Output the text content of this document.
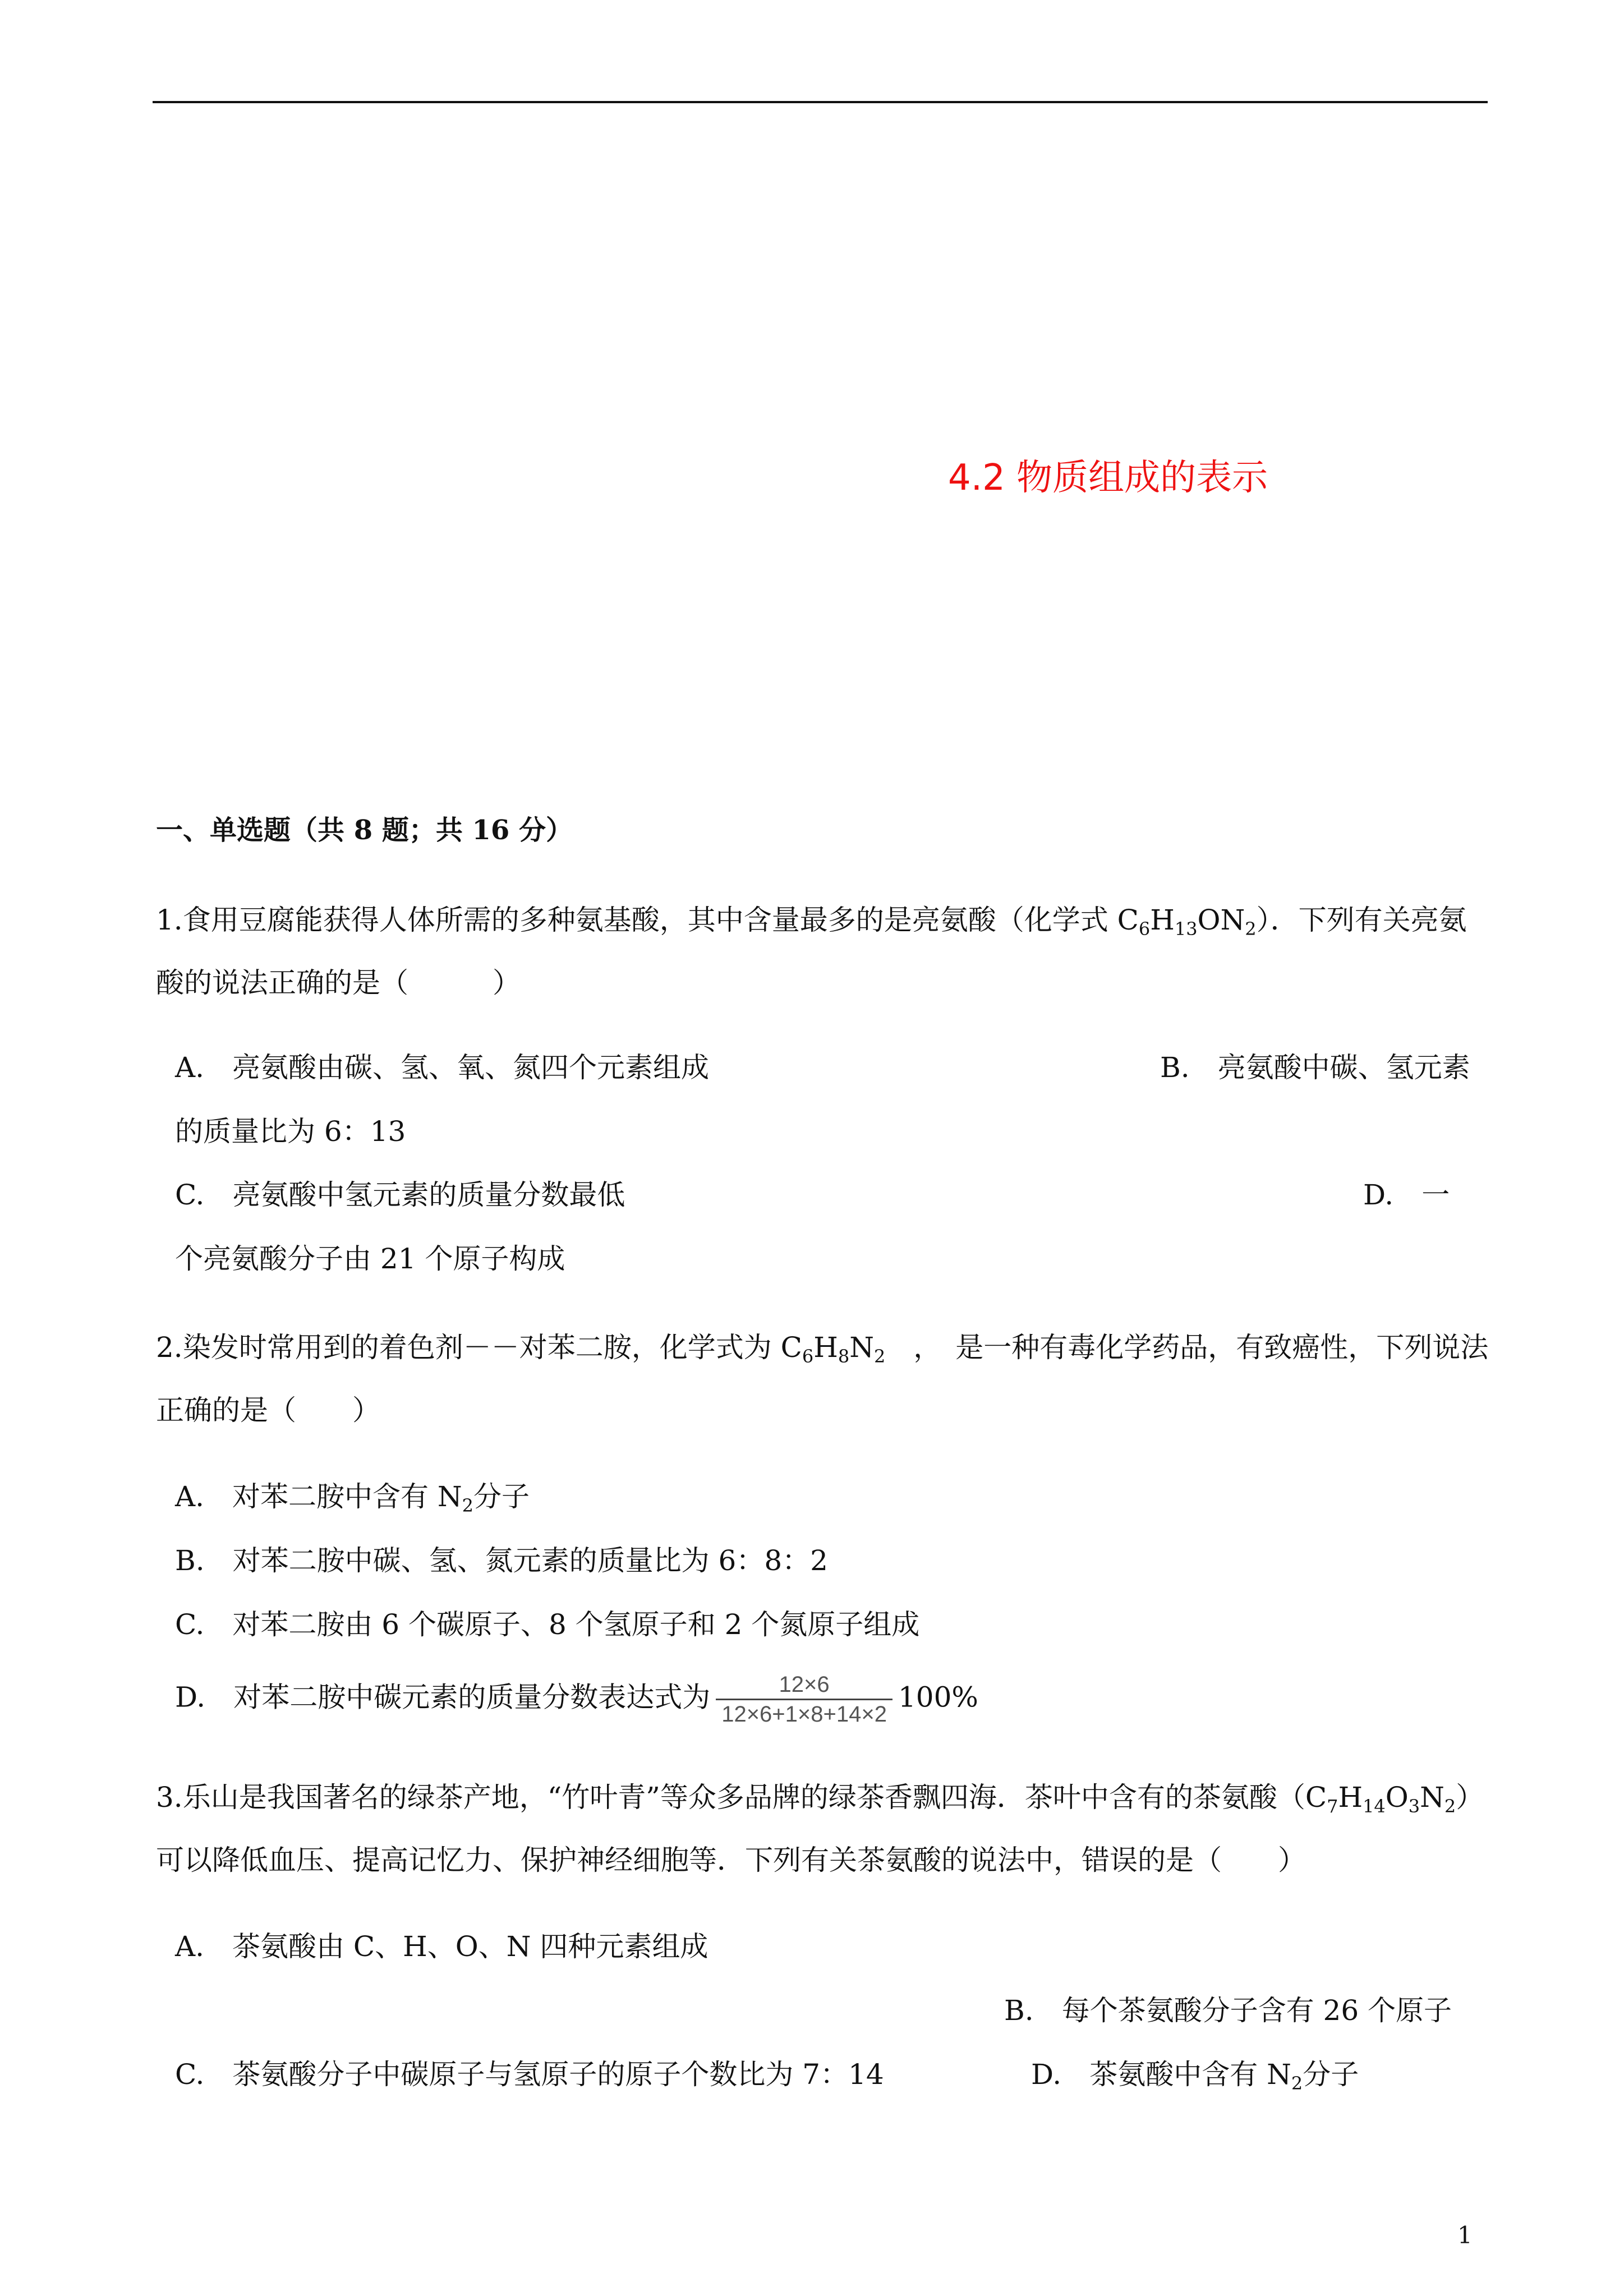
4.2 物质组成的表示
一、单选题（共 8 题；共 16 分）
1.食用豆腐能获得人体所需的多种氨基酸，其中含量最多的是亮氨酸（化学式 $C_6H_{13}ON_2$）．下列有关亮氨
酸的说法正确的是（　　　）
A.　亮氨酸由碳、氢、氧、氮四个元素组成	B.　亮氨酸中碳、氢元素
的质量比为 6：13
C.　亮氨酸中氢元素的质量分数最低	D.　一
个亮氨酸分子由 21 个原子构成
2.染发时常用到的着色剂－－对苯二胺，化学式为 $C_6H_8N_2$　，　是一种有毒化学药品，有致癌性，下列说法
正确的是（　　）
A.　对苯二胺中含有 $N_2$分子
B.　对苯二胺中碳、氢、氮元素的质量比为 6：8：2
C.　对苯二胺由 6 个碳原子、8 个氢原子和 2 个氮原子组成
D.　对苯二胺中碳元素的质量分数表达式为 $\frac{12\times 6}{12\times 6+1\times 8+14\times 2} 100\%$
3.乐山是我国著名的绿茶产地，“竹叶青”等众多品牌的绿茶香飘四海．茶叶中含有的茶氨酸$(C_7H_{14}O_3N_2)$
可以降低血压、提高记忆力、保护神经细胞等．下列有关茶氨酸的说法中，错误的是（　　）
A.　茶氨酸由 C、H、O、N 四种元素组成
B.　每个茶氨酸分子含有 26 个原子
C.　茶氨酸分子中碳原子与氢原子的原子个数比为 7：14	D.　茶氨酸中含有 $N_2$分子
1
